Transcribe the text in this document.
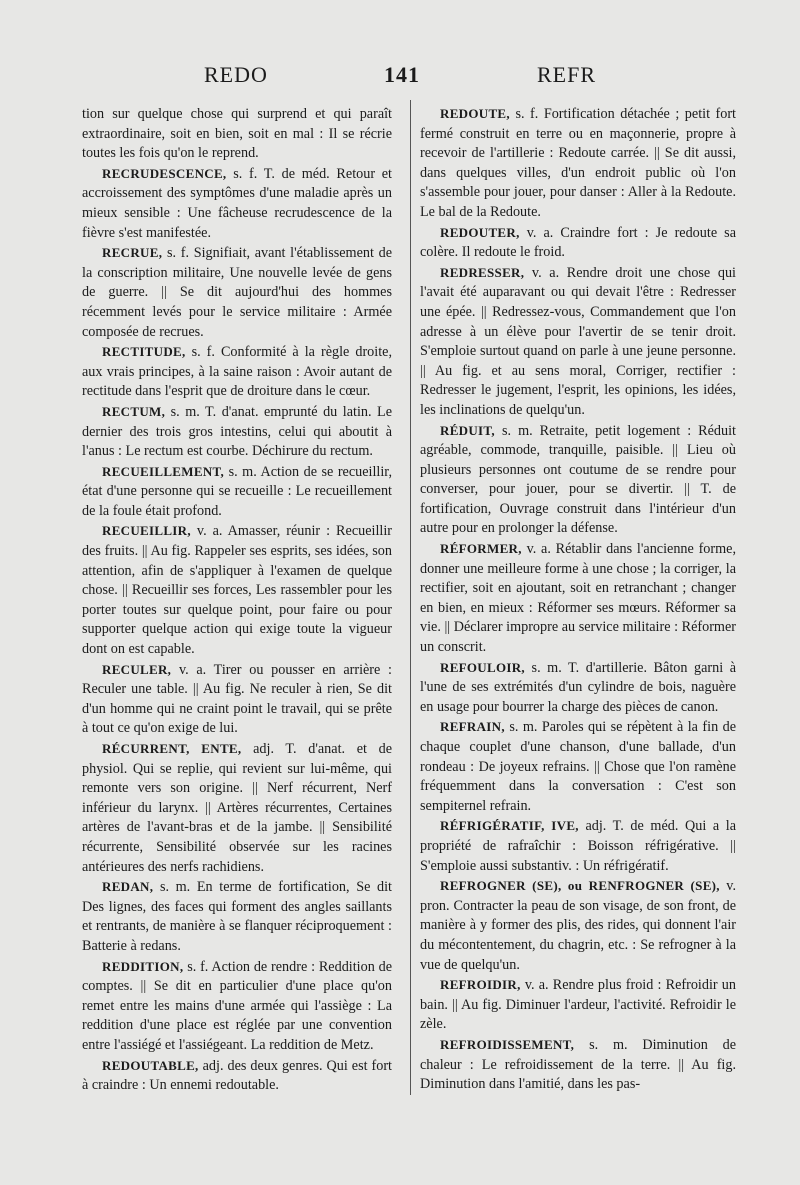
REDO	141	REFR

tion sur quelque chose qui surprend et qui paraît extraordinaire, soit en bien, soit en mal : Il se récrie toutes les fois qu'on le reprend.

RECRUDESCENCE, s. f. T. de méd. Retour et accroissement des symptômes d'une maladie après un mieux sensible : Une fâcheuse recrudescence de la fièvre s'est manifestée.

RECRUE, s. f. Signifiait, avant l'établissement de la conscription militaire, Une nouvelle levée de gens de guerre. || Se dit aujourd'hui des hommes récemment levés pour le service militaire : Armée composée de recrues.

RECTITUDE, s. f. Conformité à la règle droite, aux vrais principes, à la saine raison : Avoir autant de rectitude dans l'esprit que de droiture dans le cœur.

RECTUM, s. m. T. d'anat. emprunté du latin. Le dernier des trois gros intestins, celui qui aboutit à l'anus : Le rectum est courbe. Déchirure du rectum.

RECUEILLEMENT, s. m. Action de se recueillir, état d'une personne qui se recueille : Le recueillement de la foule était profond.

RECUEILLIR, v. a. Amasser, réunir : Recueillir des fruits. || Au fig. Rappeler ses esprits, ses idées, son attention, afin de s'appliquer à l'examen de quelque chose. || Recueillir ses forces, Les rassembler pour les porter toutes sur quelque point, pour faire ou pour supporter quelque action qui exige toute la vigueur dont on est capable.

RECULER, v. a. Tirer ou pousser en arrière : Reculer une table. || Au fig. Ne reculer à rien, Se dit d'un homme qui ne craint point le travail, qui se prête à tout ce qu'on exige de lui.

RÉCURRENT, ENTE, adj. T. d'anat. et de physiol. Qui se replie, qui revient sur lui-même, qui remonte vers son origine. || Nerf récurrent, Nerf inférieur du larynx. || Artères récurrentes, Certaines artères de l'avant-bras et de la jambe. || Sensibilité récurrente, Sensibilité observée sur les racines antérieures des nerfs rachidiens.

REDAN, s. m. En terme de fortification, Se dit Des lignes, des faces qui forment des angles saillants et rentrants, de manière à se flanquer réciproquement : Batterie à redans.

REDDITION, s. f. Action de rendre : Reddition de comptes. || Se dit en particulier d'une place qu'on remet entre les mains d'une armée qui l'assiège : La reddition d'une place est réglée par une convention entre l'assiégé et l'assiégeant. La reddition de Metz.

REDOUTABLE, adj. des deux genres. Qui est fort à craindre : Un ennemi redoutable.

REDOUTE, s. f. Fortification détachée ; petit fort fermé construit en terre ou en maçonnerie, propre à recevoir de l'artillerie : Redoute carrée. || Se dit aussi, dans quelques villes, d'un endroit public où l'on s'assemble pour jouer, pour danser : Aller à la Redoute. Le bal de la Redoute.

REDOUTER, v. a. Craindre fort : Je redoute sa colère. Il redoute le froid.

REDRESSER, v. a. Rendre droit une chose qui l'avait été auparavant ou qui devait l'être : Redresser une épée. || Redressez-vous, Commandement que l'on adresse à un élève pour l'avertir de se tenir droit. S'emploie surtout quand on parle à une jeune personne. || Au fig. et au sens moral, Corriger, rectifier : Redresser le jugement, l'esprit, les opinions, les idées, les inclinations de quelqu'un.

RÉDUIT, s. m. Retraite, petit logement : Réduit agréable, commode, tranquille, paisible. || Lieu où plusieurs personnes ont coutume de se rendre pour converser, pour jouer, pour se divertir. || T. de fortification, Ouvrage construit dans l'intérieur d'un autre pour en prolonger la défense.

RÉFORMER, v. a. Rétablir dans l'ancienne forme, donner une meilleure forme à une chose ; la corriger, la rectifier, soit en ajoutant, soit en retranchant ; changer en bien, en mieux : Réformer ses mœurs. Réformer sa vie. || Déclarer impropre au service militaire : Réformer un conscrit.

REFOULOIR, s. m. T. d'artillerie. Bâton garni à l'une de ses extrémités d'un cylindre de bois, naguère en usage pour bourrer la charge des pièces de canon.

REFRAIN, s. m. Paroles qui se répètent à la fin de chaque couplet d'une chanson, d'une ballade, d'un rondeau : De joyeux refrains. || Chose que l'on ramène fréquemment dans la conversation : C'est son sempiternel refrain.

RÉFRIGÉRATIF, IVE, adj. T. de méd. Qui a la propriété de rafraîchir : Boisson réfrigérative. || S'emploie aussi substantiv. : Un réfrigératif.

REFROGNER (SE), ou RENFROGNER (SE), v. pron. Contracter la peau de son visage, de son front, de manière à y former des plis, des rides, qui donnent l'air du mécontentement, du chagrin, etc. : Se refrogner à la vue de quelqu'un.

REFROIDIR, v. a. Rendre plus froid : Refroidir un bain. || Au fig. Diminuer l'ardeur, l'activité. Refroidir le zèle.

REFROIDISSEMENT, s. m. Diminution de chaleur : Le refroidissement de la terre. || Au fig. Diminution dans l'amitié, dans les pas-
